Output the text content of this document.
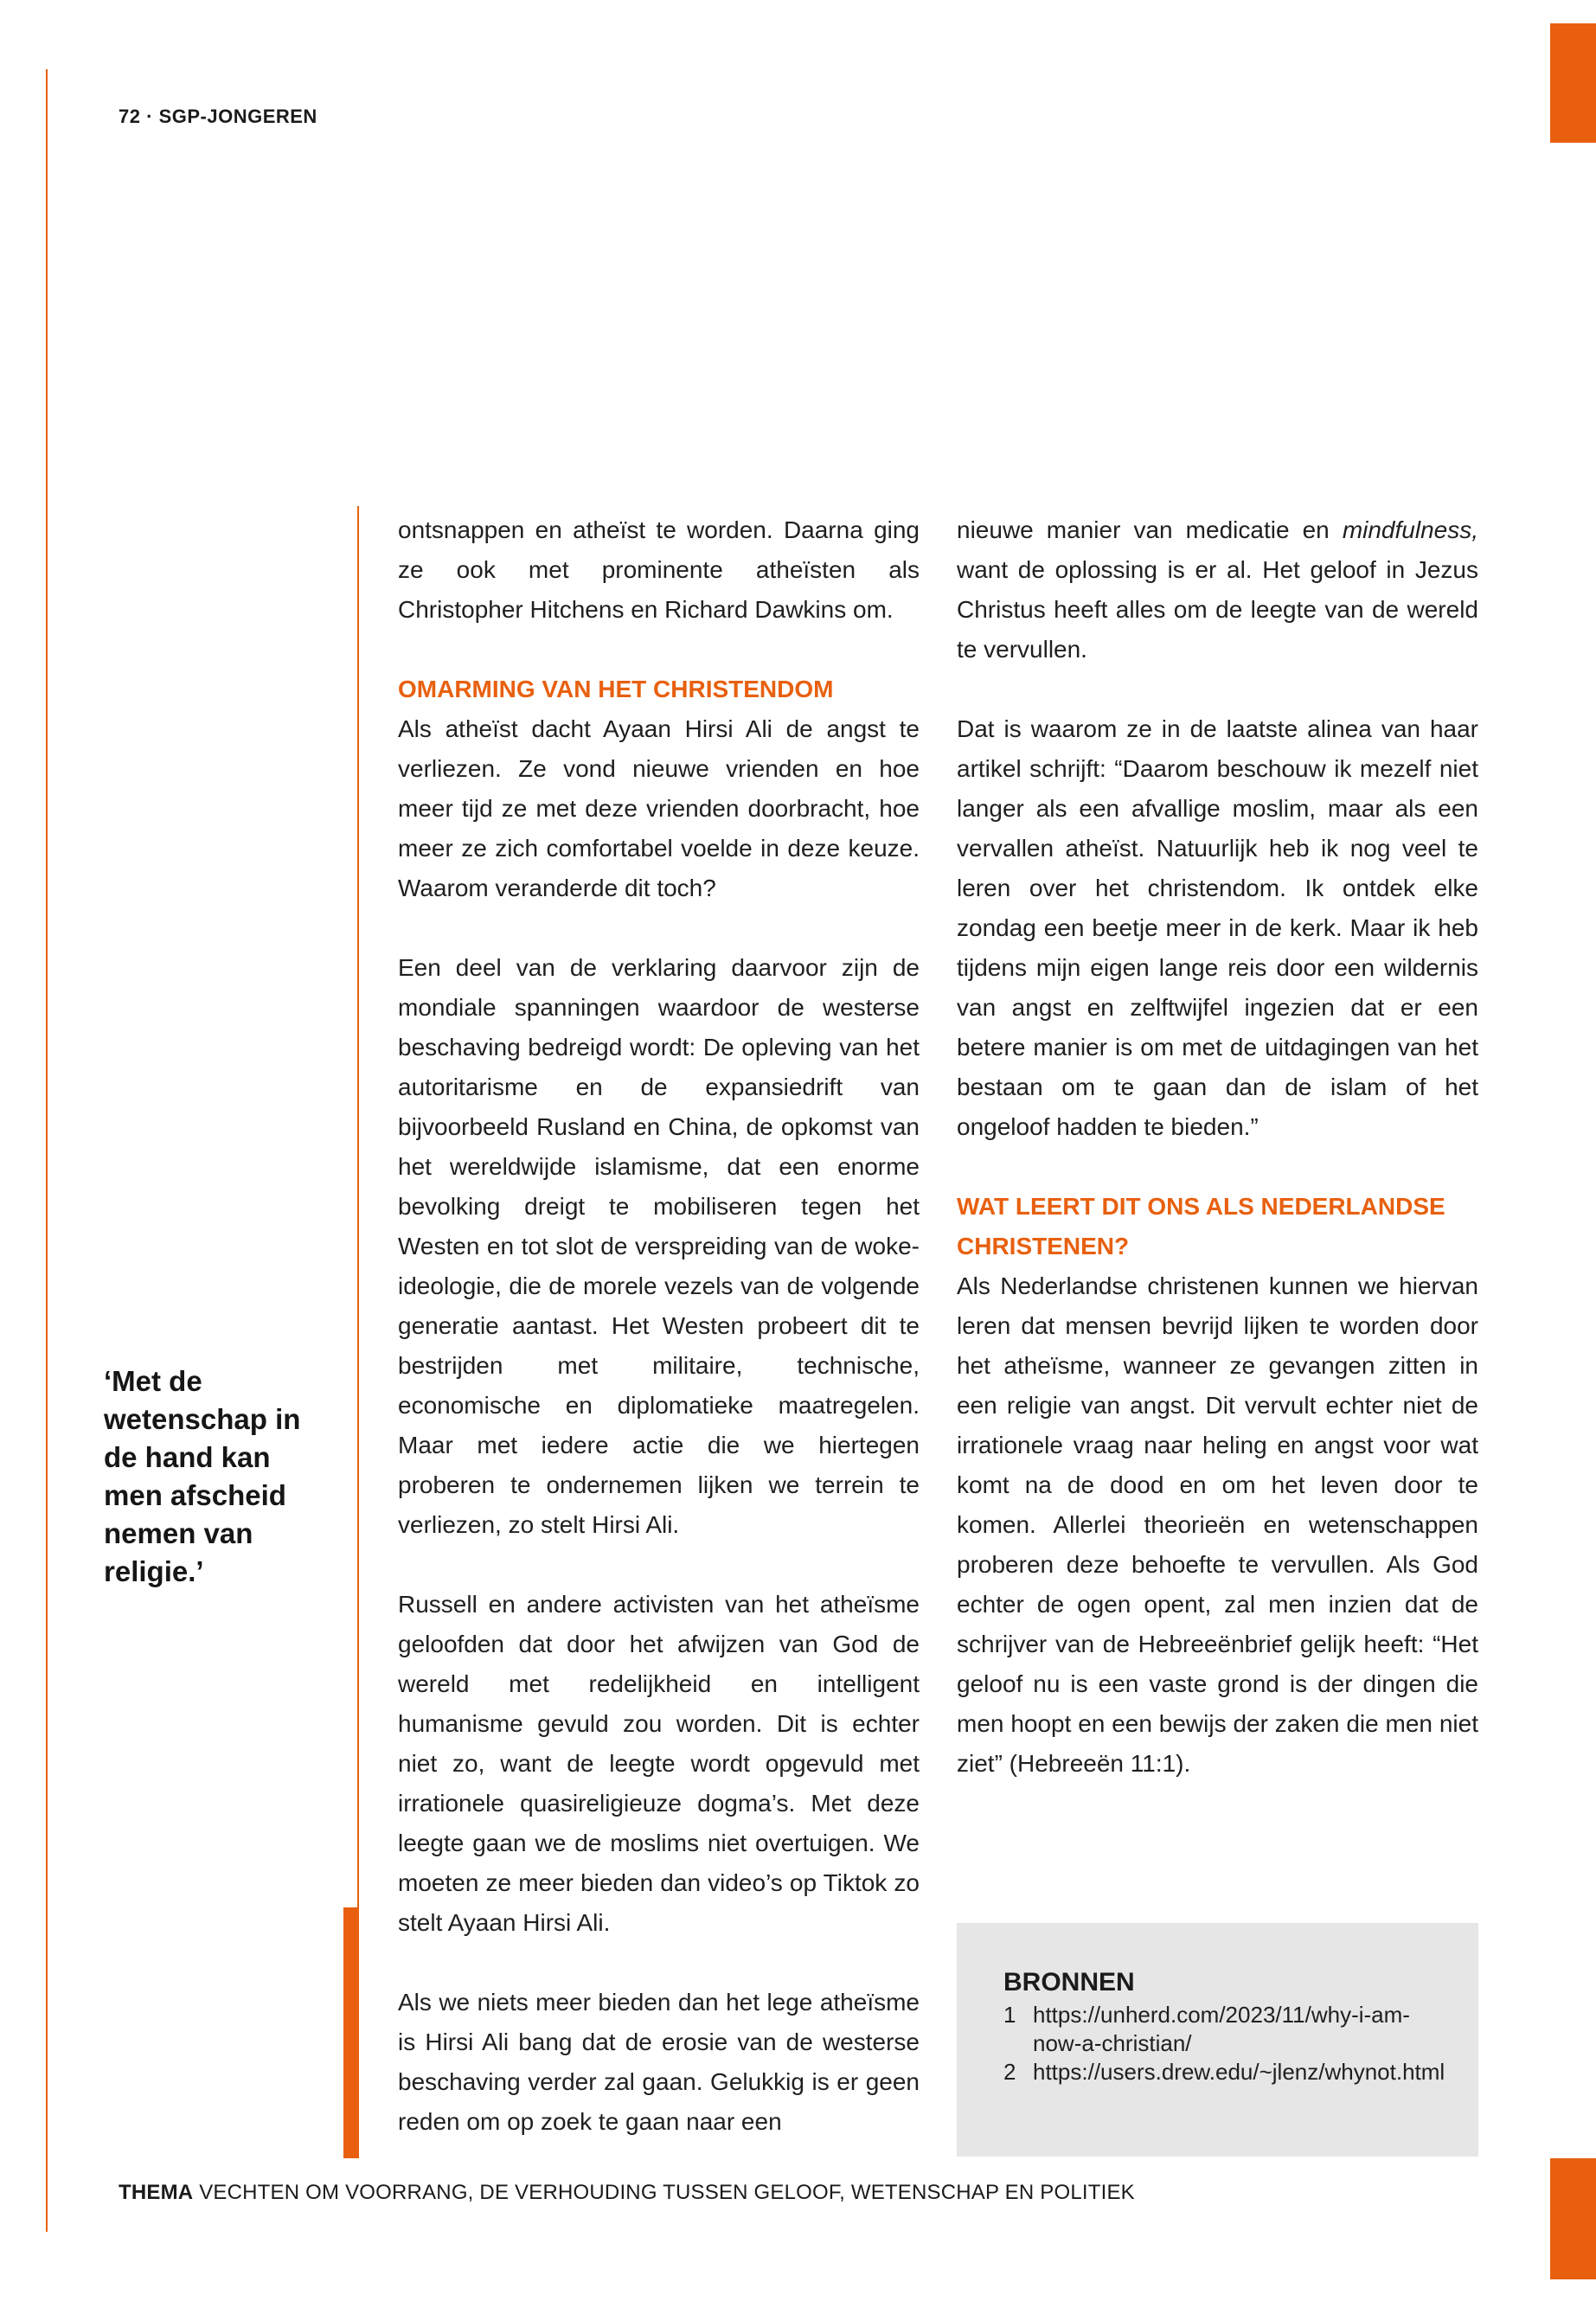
72 · SGP-JONGEREN
‘Met de wetenschap in de hand kan men afscheid nemen van religie.’

ontsnappen en atheïst te worden. Daarna ging ze ook met prominente atheïsten als Christopher Hitchens en Richard Dawkins om.

OMARMING VAN HET CHRISTENDOM

Als atheïst dacht Ayaan Hirsi Ali de angst te verliezen. Ze vond nieuwe vrienden en hoe meer tijd ze met deze vrienden doorbracht, hoe meer ze zich comfortabel voelde in deze keuze. Waarom veranderde dit toch?

Een deel van de verklaring daarvoor zijn de mondiale spanningen waardoor de westerse beschaving bedreigd wordt: De opleving van het autoritarisme en de expansiedrift van bijvoorbeeld Rusland en China, de opkomst van het wereldwijde islamisme, dat een enorme bevolking dreigt te mobiliseren tegen het Westen en tot slot de verspreiding van de woke-ideologie, die de morele vezels van de volgende generatie aantast. Het Westen probeert dit te bestrijden met militaire, technische, economische en diplomatieke maatregelen. Maar met iedere actie die we hiertegen proberen te ondernemen lijken we terrein te verliezen, zo stelt Hirsi Ali.

Russell en andere activisten van het atheïsme geloofden dat door het afwijzen van God de wereld met redelijkheid en intelligent humanisme gevuld zou worden. Dit is echter niet zo, want de leegte wordt opgevuld met irrationele quasireligieuze dogma’s. Met deze leegte gaan we de moslims niet overtuigen. We moeten ze meer bieden dan video’s op Tiktok zo stelt Ayaan Hirsi Ali.

Als we niets meer bieden dan het lege atheïsme is Hirsi Ali bang dat de erosie van de westerse beschaving verder zal gaan. Gelukkig is er geen reden om op zoek te gaan naar een

nieuwe manier van medicatie en mindfulness, want de oplossing is er al. Het geloof in Jezus Christus heeft alles om de leegte van de wereld te vervullen.

Dat is waarom ze in de laatste alinea van haar artikel schrijft: “Daarom beschouw ik mezelf niet langer als een afvallige moslim, maar als een vervallen atheïst. Natuurlijk heb ik nog veel te leren over het christendom. Ik ontdek elke zondag een beetje meer in de kerk. Maar ik heb tijdens mijn eigen lange reis door een wildernis van angst en zelftwijfel ingezien dat er een betere manier is om met de uitdagingen van het bestaan om te gaan dan de islam of het ongeloof hadden te bieden.”

WAT LEERT DIT ONS ALS NEDERLANDSE CHRISTENEN?

Als Nederlandse christenen kunnen we hiervan leren dat mensen bevrijd lijken te worden door het atheïsme, wanneer ze gevangen zitten in een religie van angst. Dit vervult echter niet de irrationele vraag naar heling en angst voor wat komt na de dood en om het leven door te komen. Allerlei theorieën en wetenschappen proberen deze behoefte te vervullen. Als God echter de ogen opent, zal men inzien dat de schrijver van de Hebreeënbrief gelijk heeft: “Het geloof nu is een vaste grond is der dingen die men hoopt en een bewijs der zaken die men niet ziet” (Hebreeën 11:1).

BRONNEN
1 https://unherd.com/2023/11/why-i-am-now-a-christian/
2 https://users.drew.edu/~jlenz/whynot.html
THEMA VECHTEN OM VOORRANG, DE VERHOUDING TUSSEN GELOOF, WETENSCHAP EN POLITIEK
